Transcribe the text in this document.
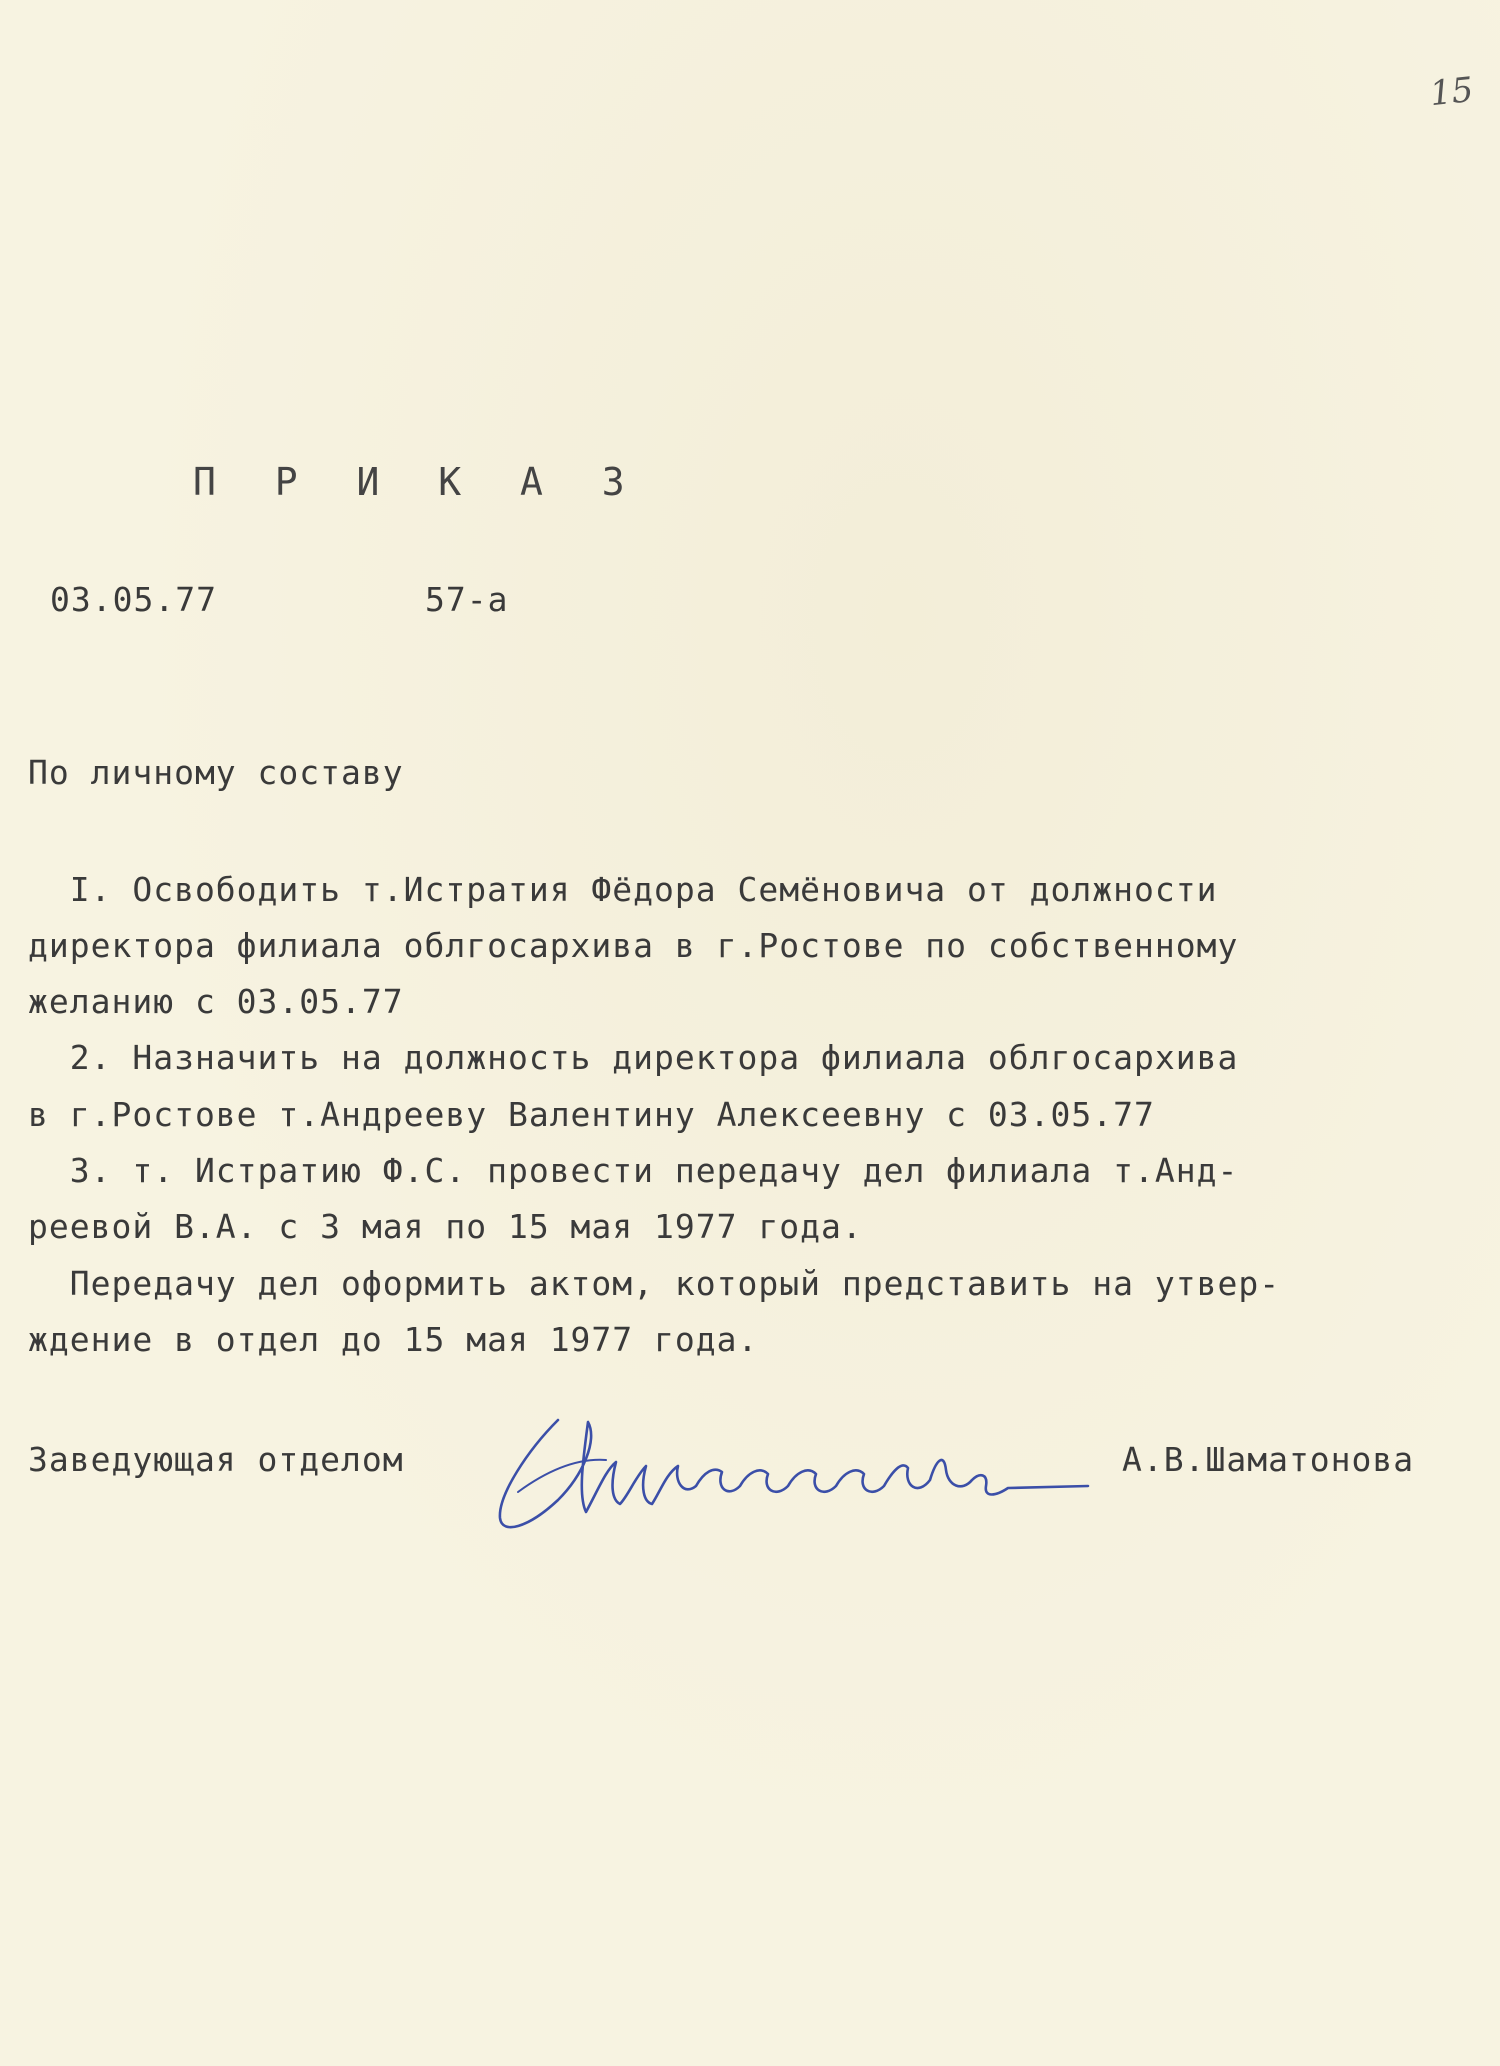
15
П Р И К А З
03.05.77	57-а
По личному составу
I. Освободить т.Истратия Фёдора Семёновича от должности
директора филиала облгосархива в г.Ростове по собственному
желанию с 03.05.77
2. Назначить на должность директора филиала облгосархива
в г.Ростове т.Андрееву Валентину Алексеевну с 03.05.77
3. т. Истратию Ф.С. провести передачу дел филиала т.Анд-
реевой В.А. с 3 мая по 15 мая 1977 года.
Передачу дел оформить актом, который представить на утвер-
ждение в отдел до 15 мая 1977 года.
Заведующая отделом	А.В.Шаматонова
